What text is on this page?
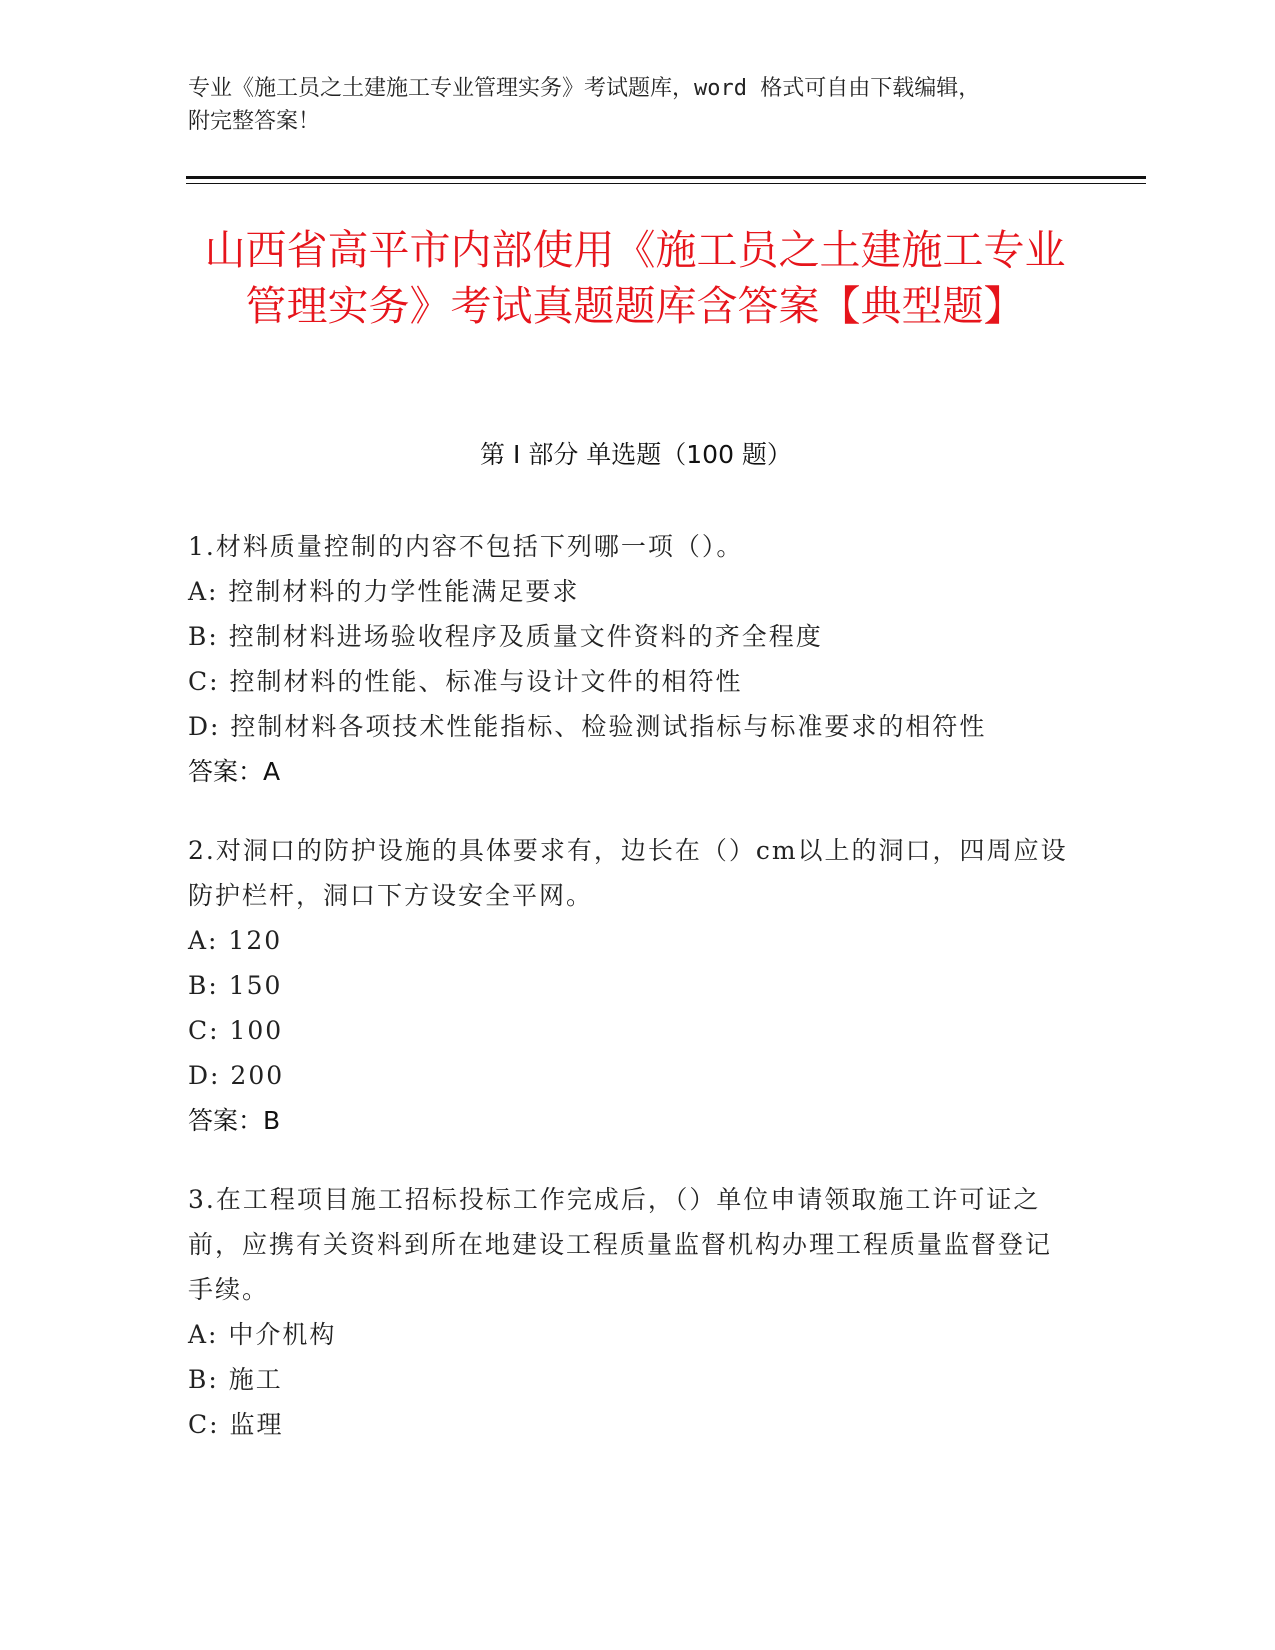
专业《施工员之土建施工专业管理实务》考试题库，word 格式可自由下载编辑，
附完整答案！
山西省高平市内部使用《施工员之土建施工专业管理实务》考试真题题库含答案【典型题】
第 I 部分 单选题（100 题）
1.材料质量控制的内容不包括下列哪一项（）。
A: 控制材料的力学性能满足要求
B: 控制材料进场验收程序及质量文件资料的齐全程度
C: 控制材料的性能、标准与设计文件的相符性
D: 控制材料各项技术性能指标、检验测试指标与标准要求的相符性
答案：A
2.对洞口的防护设施的具体要求有，边长在（）cm以上的洞口，四周应设防护栏杆，洞口下方设安全平网。
A: 120
B: 150
C: 100
D: 200
答案：B
3.在工程项目施工招标投标工作完成后，（）单位申请领取施工许可证之前，应携有关资料到所在地建设工程质量监督机构办理工程质量监督登记手续。
A: 中介机构
B: 施工
C: 监理
